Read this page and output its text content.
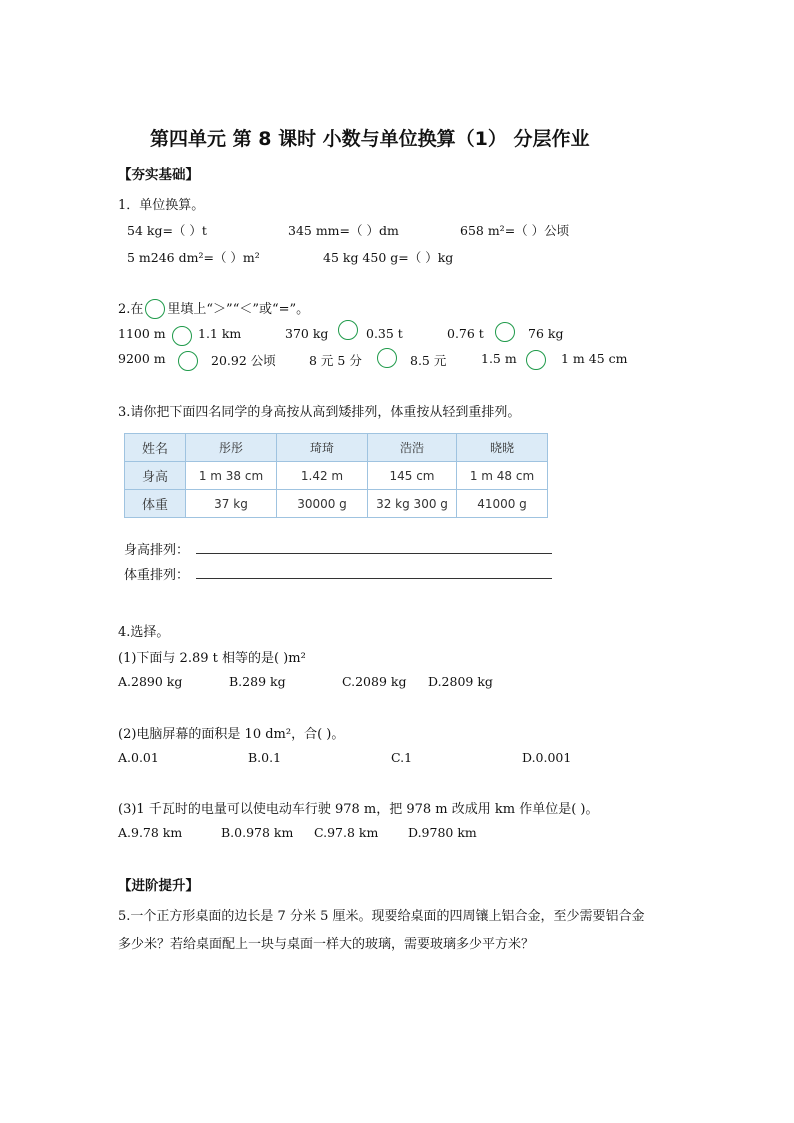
第四单元 第 8 课时 小数与单位换算（1） 分层作业
【夯实基础】
1．单位换算。
54 kg=（ ）t	345 mm=（ ）dm	658 m²=（ ）公顷
5 m246 dm²=（ ）m²	45 kg 450 g=（ ）kg
2.在 里填上“＞”“＜”或“=”。
1100 m	1.1 km	370 kg	0.35 t	0.76 t	76 kg
9200 m	20.92 公顷	8 元 5 分	8.5 元	1.5 m	1 m 45 cm
3.请你把下面四名同学的身高按从高到矮排列，体重按从轻到重排列。
姓名	彤彤	琦琦	浩浩	晓晓
身高	1 m 38 cm	1.42 m	145 cm	1 m 48 cm
体重	37 kg	30000 g	32 kg 300 g	41000 g
身高排列：
体重排列：
4.选择。
(1)下面与 2.89 t 相等的是( )m²
A.2890 kg	B.289 kg	C.2089 kg D.2809 kg
(2)电脑屏幕的面积是 10 dm²，合( )。
A.0.01	B.0.1	C.1	D.0.001
(3)1 千瓦时的电量可以使电动车行驶 978 m，把 978 m 改成用 km 作单位是( )。
A.9.78 km	B.0.978 km C.97.8 km D.9780 km
【进阶提升】
5.一个正方形桌面的边长是 7 分米 5 厘米。现要给桌面的四周镶上铝合金，至少需要铝合金
多少米？若给桌面配上一块与桌面一样大的玻璃，需要玻璃多少平方米？
